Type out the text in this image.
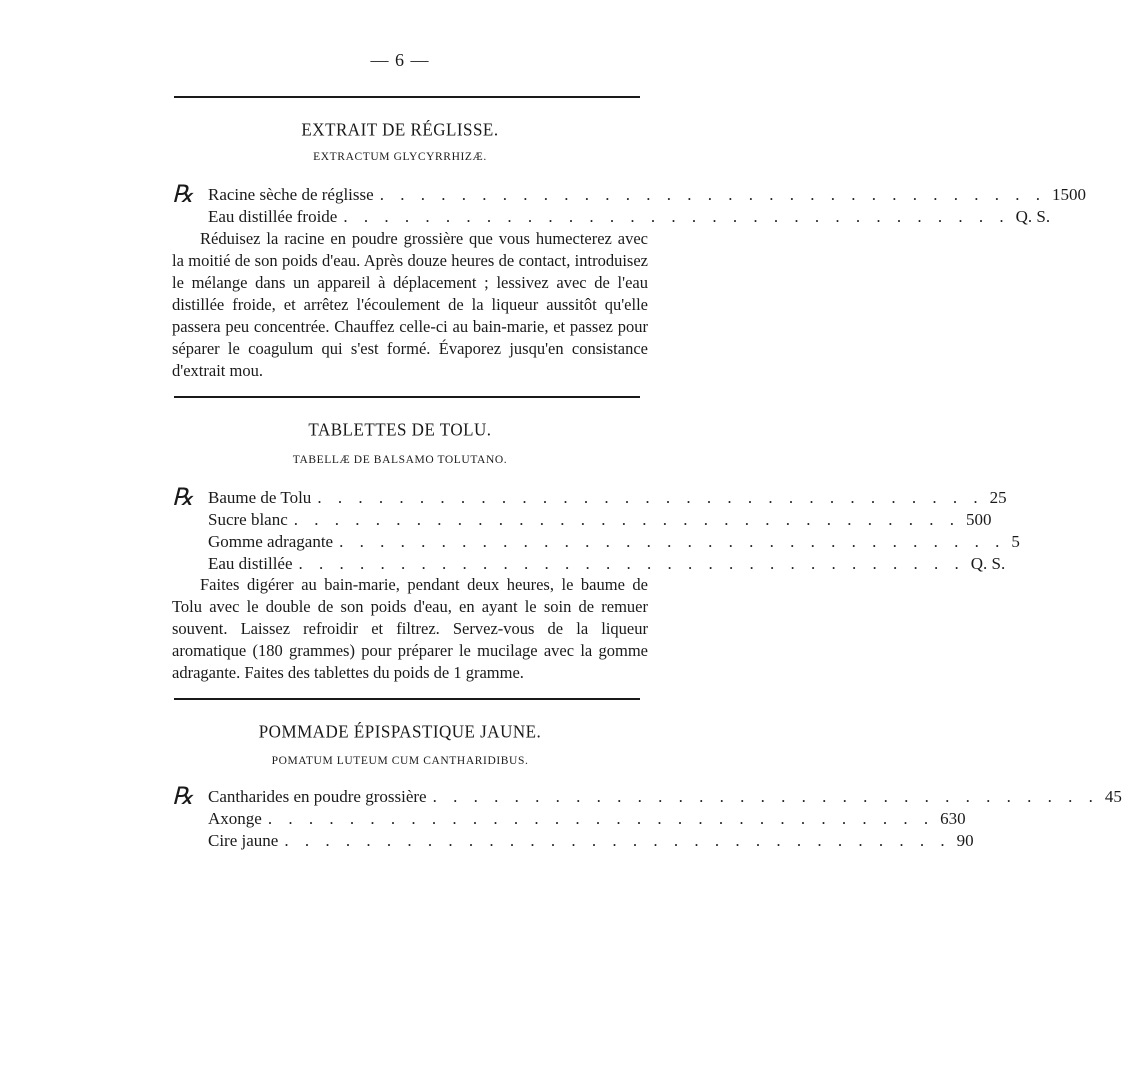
— 6 —
EXTRAIT DE RÉGLISSE.
EXTRACTUM GLYCYRRHIZÆ.
℞ Racine sèche de réglisse . . . . . . . . . . . . . . . . . . . . . . . . . . . . . . . . . 1500
Eau distillée froide . . . . . . . . . . . . . . . . . . . . . . . . . . . . . . . . . Q. S.
Réduisez la racine en poudre grossière que vous humecterez avec la moitié de son poids d'eau. Après douze heures de contact, introduisez le mélange dans un appareil à déplacement ; lessivez avec de l'eau distillée froide, et arrêtez l'écoulement de la liqueur aussitôt qu'elle passera peu concentrée. Chauffez celle-ci au bain-marie, et passez pour séparer le coagulum qui s'est formé. Évaporez jusqu'en consistance d'extrait mou.
TABLETTES DE TOLU.
TABELLÆ DE BALSAMO TOLUTANO.
℞ Baume de Tolu . . . . . . . . . . . . . . . . . . . . . . . . . . . . . . . . . 25
Sucre blanc . . . . . . . . . . . . . . . . . . . . . . . . . . . . . . . . . 500
Gomme adragante . . . . . . . . . . . . . . . . . . . . . . . . . . . . . . . . . 5
Eau distillée . . . . . . . . . . . . . . . . . . . . . . . . . . . . . . . . . Q. S.
Faites digérer au bain-marie, pendant deux heures, le baume de Tolu avec le double de son poids d'eau, en ayant le soin de remuer souvent. Laissez refroidir et filtrez. Servez-vous de la liqueur aromatique (180 grammes) pour préparer le mucilage avec la gomme adragante. Faites des tablettes du poids de 1 gramme.
POMMADE ÉPISPASTIQUE JAUNE.
POMATUM LUTEUM CUM CANTHARIDIBUS.
℞ Cantharides en poudre grossière . . . . . . . . . . . . . . . . . . . . . . . . . . . . . . . . . 45
Axonge . . . . . . . . . . . . . . . . . . . . . . . . . . . . . . . . . 630
Cire jaune . . . . . . . . . . . . . . . . . . . . . . . . . . . . . . . . . 90
